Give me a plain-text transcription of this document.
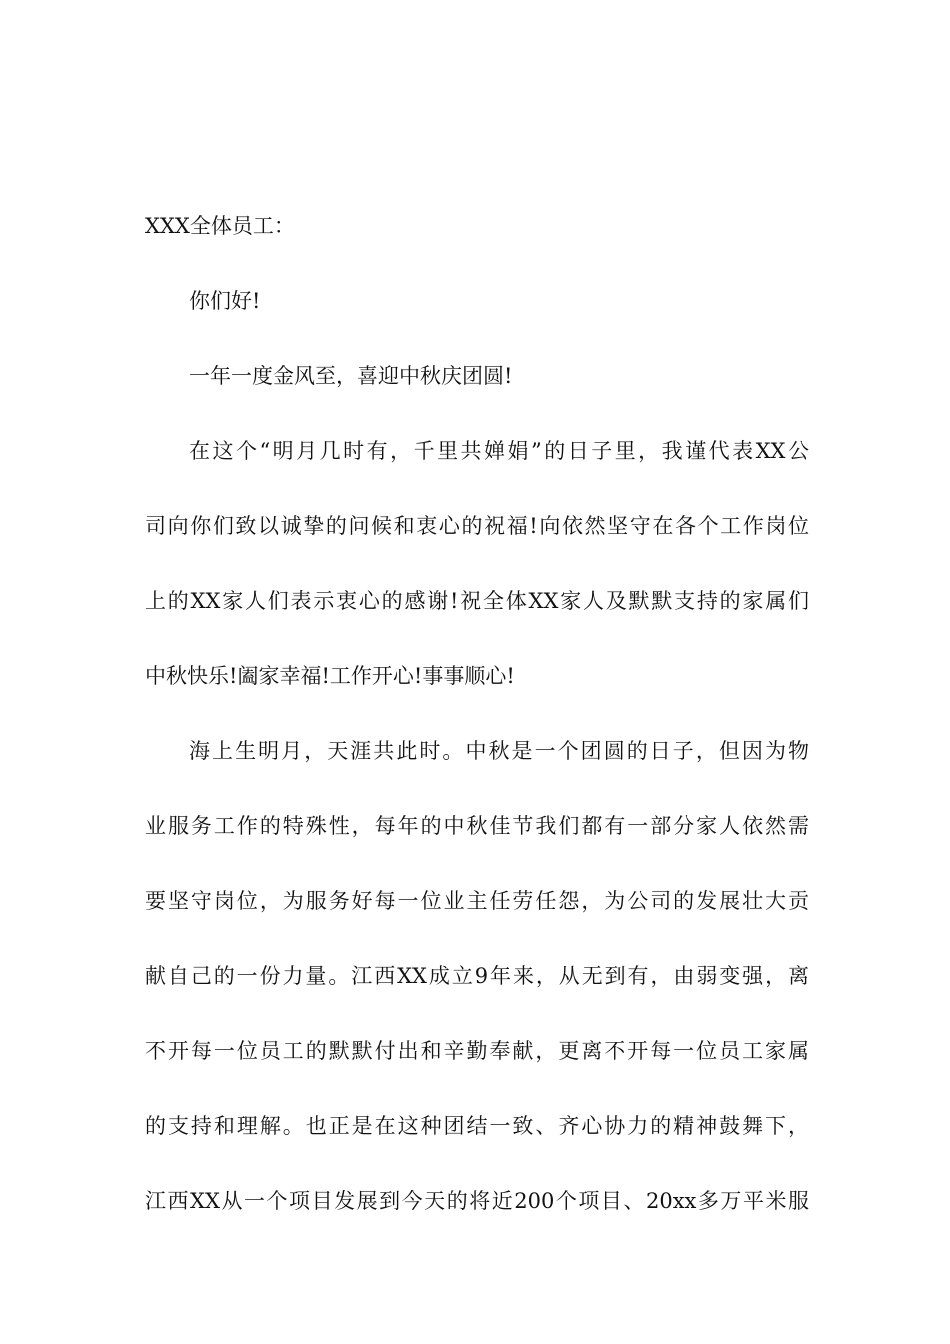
XXX全体员工：
你们好!
一年一度金风至，喜迎中秋庆团圆!
在这个“明月几时有，千里共婵娟”的日子里，我谨代表XX公
司向你们致以诚挚的问候和衷心的祝福!向依然坚守在各个工作岗位
上的XX家人们表示衷心的感谢!祝全体XX家人及默默支持的家属们
中秋快乐!阖家幸福!工作开心!事事顺心!
海上生明月，天涯共此时。中秋是一个团圆的日子，但因为物
业服务工作的特殊性，每年的中秋佳节我们都有一部分家人依然需
要坚守岗位，为服务好每一位业主任劳任怨，为公司的发展壮大贡
献自己的一份力量。江西XX成立9年来，从无到有，由弱变强，离
不开每一位员工的默默付出和辛勤奉献，更离不开每一位员工家属
的支持和理解。也正是在这种团结一致、齐心协力的精神鼓舞下，
江西XX从一个项目发展到今天的将近200个项目、20xx多万平米服
